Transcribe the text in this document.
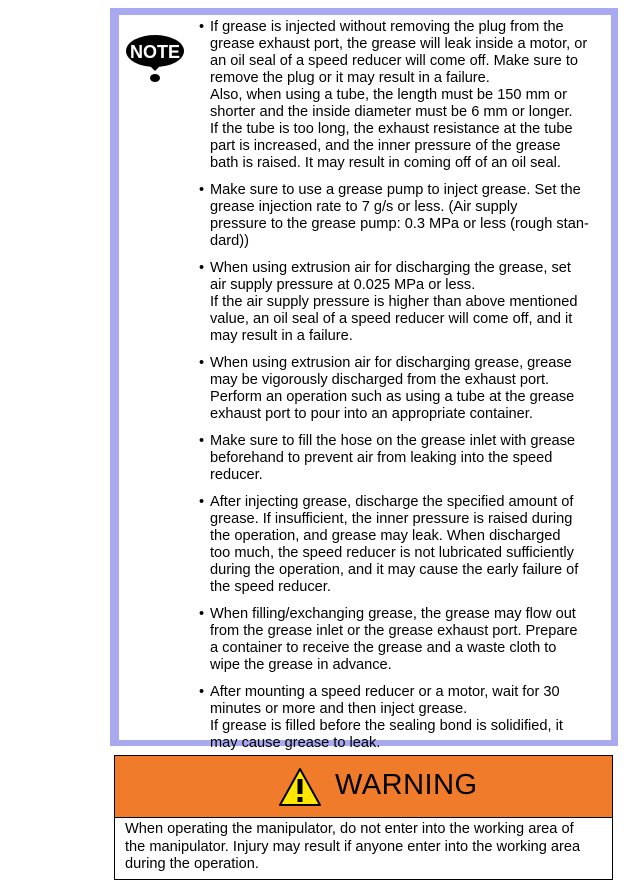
NOTE
• If grease is injected without removing the plug from the
grease exhaust port, the grease will leak inside a motor, or
an oil seal of a speed reducer will come off. Make sure to
remove the plug or it may result in a failure.
Also, when using a tube, the length must be 150 mm or
shorter and the inside diameter must be 6 mm or longer.
If the tube is too long, the exhaust resistance at the tube
part is increased, and the inner pressure of the grease
bath is raised. It may result in coming off of an oil seal.
• Make sure to use a grease pump to inject grease. Set the
grease injection rate to 7 g/s or less. (Air supply
pressure to the grease pump: 0.3 MPa or less (rough stan-
dard))
• When using extrusion air for discharging the grease, set
air supply pressure at 0.025 MPa or less.
If the air supply pressure is higher than above mentioned
value, an oil seal of a speed reducer will come off, and it
may result in a failure.
• When using extrusion air for discharging grease, grease
may be vigorously discharged from the exhaust port.
Perform an operation such as using a tube at the grease
exhaust port to pour into an appropriate container.
• Make sure to fill the hose on the grease inlet with grease
beforehand to prevent air from leaking into the speed
reducer.
• After injecting grease, discharge the specified amount of
grease. If insufficient, the inner pressure is raised during
the operation, and grease may leak. When discharged
too much, the speed reducer is not lubricated sufficiently
during the operation, and it may cause the early failure of
the speed reducer.
• When filling/exchanging grease, the grease may flow out
from the grease inlet or the grease exhaust port. Prepare
a container to receive the grease and a waste cloth to
wipe the grease in advance.
• After mounting a speed reducer or a motor, wait for 30
minutes or more and then inject grease.
If grease is filled before the sealing bond is solidified, it
may cause grease to leak.
WARNING
When operating the manipulator, do not enter into the working area of
the manipulator. Injury may result if anyone enter into the working area
during the operation.
